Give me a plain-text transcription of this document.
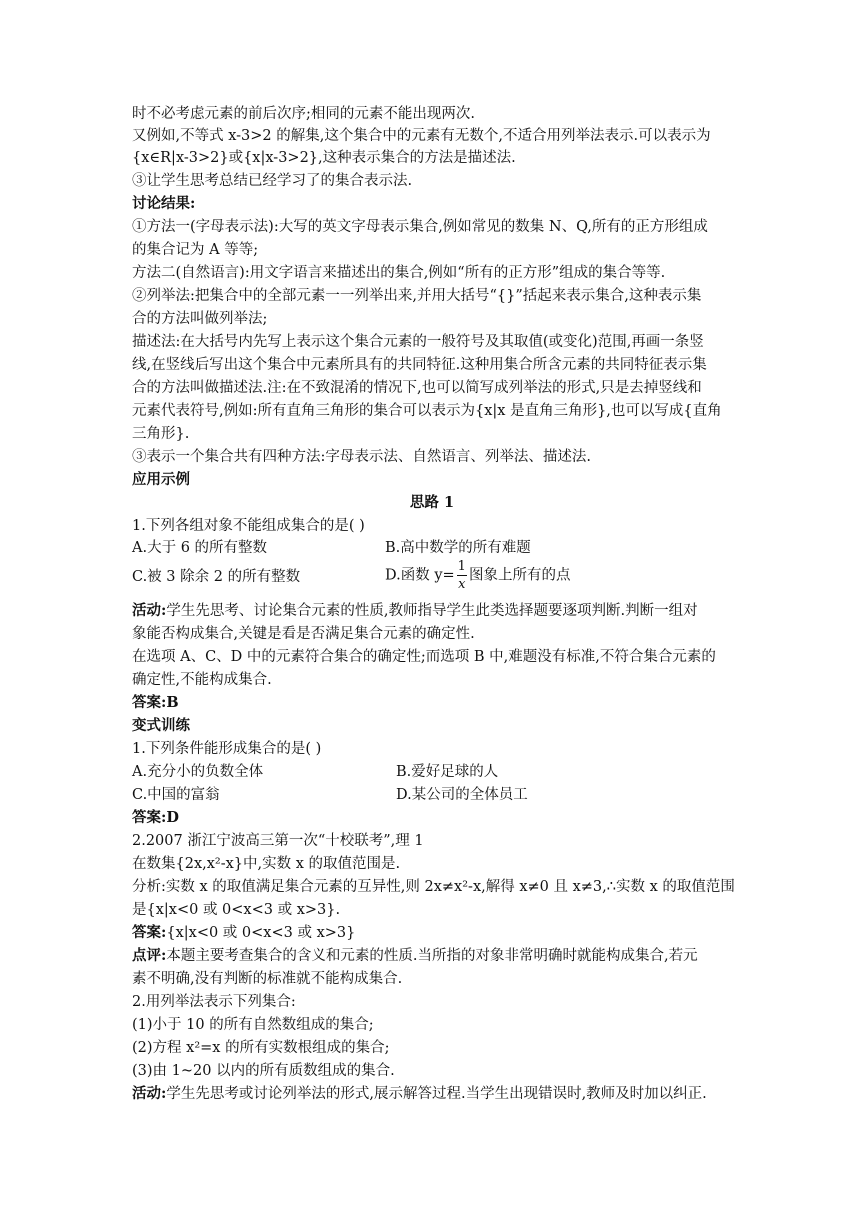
时不必考虑元素的前后次序;相同的元素不能出现两次.
又例如,不等式 x-3>2 的解集,这个集合中的元素有无数个,不适合用列举法表示.可以表示为
{x∈R|x-3>2}或{x|x-3>2},这种表示集合的方法是描述法.
③让学生思考总结已经学习了的集合表示法.
讨论结果:
①方法一(字母表示法):大写的英文字母表示集合,例如常见的数集 N、Q,所有的正方形组成
的集合记为 A 等等;
方法二(自然语言):用文字语言来描述出的集合,例如“所有的正方形”组成的集合等等.
②列举法:把集合中的全部元素一一列举出来,并用大括号“{}”括起来表示集合,这种表示集
合的方法叫做列举法;
描述法:在大括号内先写上表示这个集合元素的一般符号及其取值(或变化)范围,再画一条竖
线,在竖线后写出这个集合中元素所具有的共同特征.这种用集合所含元素的共同特征表示集
合的方法叫做描述法.注:在不致混淆的情况下,也可以简写成列举法的形式,只是去掉竖线和
元素代表符号,例如:所有直角三角形的集合可以表示为{x|x 是直角三角形},也可以写成{直角
三角形}.
③表示一个集合共有四种方法:字母表示法、自然语言、列举法、描述法.
应用示例
思路 1
1.下列各组对象不能组成集合的是( )
A.大于 6 的所有整数	B.高中数学的所有难题
C.被 3 除余 2 的所有整数	D.函数 $y= \frac{1}{x}$ 图象上所有的点
活动:学生先思考、讨论集合元素的性质,教师指导学生此类选择题要逐项判断.判断一组对
象能否构成集合,关键是看是否满足集合元素的确定性.
在选项 A、C、D 中的元素符合集合的确定性;而选项 B 中,难题没有标准,不符合集合元素的
确定性,不能构成集合.
答案:B
变式训练
1.下列条件能形成集合的是( )
A.充分小的负数全体	B.爱好足球的人
C.中国的富翁	D.某公司的全体员工
答案:D
2.2007 浙江宁波高三第一次“十校联考”,理 1
在数集{2x,x²-x}中,实数 x 的取值范围是.
分析:实数 x 的取值满足集合元素的互异性,则 2x≠x²-x,解得 x≠0 且 x≠3,∴实数 x 的取值范围
是{x|x<0 或 0<x<3 或 x>3}.
答案:{x|x<0 或 0<x<3 或 x>3}
点评:本题主要考查集合的含义和元素的性质.当所指的对象非常明确时就能构成集合,若元
素不明确,没有判断的标准就不能构成集合.
2.用列举法表示下列集合:
(1)小于 10 的所有自然数组成的集合;
(2)方程 x²=x 的所有实数根组成的集合;
(3)由 1~20 以内的所有质数组成的集合.
活动:学生先思考或讨论列举法的形式,展示解答过程.当学生出现错误时,教师及时加以纠正.
